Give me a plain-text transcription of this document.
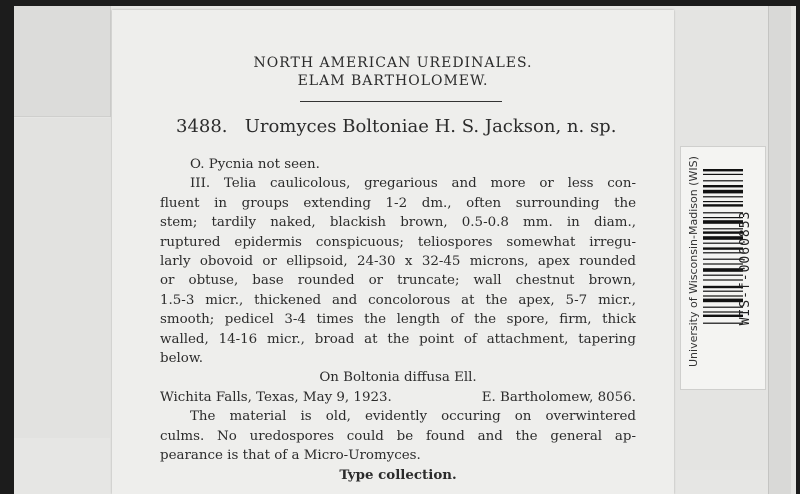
NORTH AMERICAN UREDINALES.
ELAM BARTHOLOMEW.
3488.   Uromyces Boltoniae H. S. Jackson, n. sp.

O. Pycnia not seen.

III. Telia caulicolous, gregarious and more or less con-

fluent in groups extending 1-2 dm., often surrounding the

stem; tardily naked, blackish brown, 0.5-0.8 mm. in diam.,

ruptured epidermis conspicuous; teliospores somewhat irregu-

larly obovoid or ellipsoid, 24-30 x 32-45 microns, apex rounded

or obtuse, base rounded or truncate; wall chestnut brown,

1.5-3 micr., thickened and concolorous at the apex, 5-7 micr.,

smooth; pedicel 3-4 times the length of the spore, firm, thick

walled, 14-16 micr., broad at the point of attachment, tapering

below.

On Boltonia diffusa Ell.

Wichita Falls, Texas, May 9, 1923.	E. Bartholomew, 8056.

The material is old, evidently occuring on overwintered

culms. No uredospores could be found and the general ap-

pearance is that of a Micro-Uromyces.

Type collection.

University of Wisconsin-Madison (WIS)	WIS-f-0060853
